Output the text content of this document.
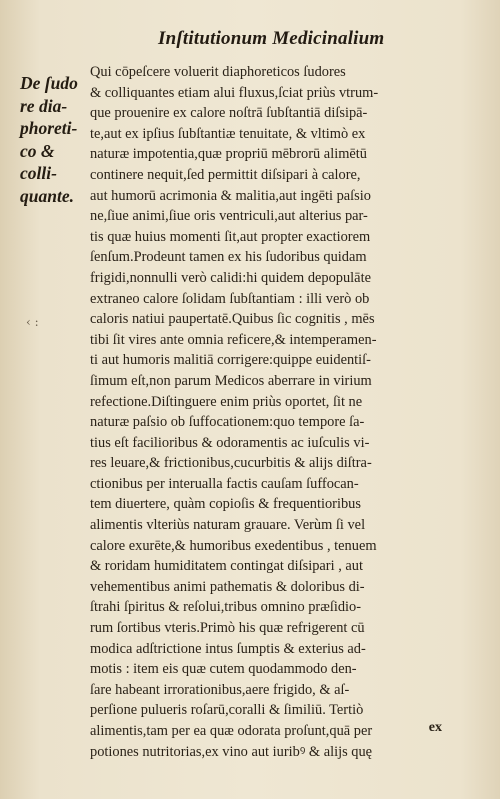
Inſtitutionum Medicinalium
De ſudo
re dia-
phoreti-
co &
colli-
quante.
‹ :
Qui cōpeſcere voluerit diaphoreticos ſudores
& colliquantes etiam alui fluxus,ſciat priùs vtrum-
que prouenire ex calore noſtrā ſubſtantiā diſsipā-
te,aut ex ipſius ſubſtantiæ tenuitate, & vltimò ex
naturæ impotentia,quæ propriū mēbrorū alimētū
continere nequit,ſed permittit diſsipari à calore,
aut humorū acrimonia & malitia,aut ingēti paſsio
ne,ſiue animi,ſiue oris ventriculi,aut alterius par-
tis quæ huius momenti ſit,aut propter exactiorem
ſenſum.Prodeunt tamen ex his ſudoribus quidam
frigidi,nonnulli verò calidi:hi quidem depopulāte
extraneo calore ſolidam ſubſtantiam : illi verò ob
caloris natiui paupertatē.Quibus ſic cognitis , mēs
tibi ſit vires ante omnia reficere,& intemperamen-
ti aut humoris malitiā corrigere:quippe euidentiſ-
ſimum eſt,non parum Medicos aberrare in virium
refectione.Diſtinguere enim priùs oportet, ſit ne
naturæ paſsio ob ſuffocationem:quo tempore ſa-
tius eſt facilioribus & odoramentis ac iuſculis vi-
res leuare,& frictionibus,cucurbitis & alijs diſtra-
ctionibus per interualla factis cauſam ſuffocan-
tem diuertere, quàm copioſis & frequentioribus
alimentis vlteriùs naturam grauare. Verùm ſi vel
calore exurēte,& humoribus exedentibus , tenuem
& roridam humiditatem contingat diſsipari , aut
vehementibus animi pathematis & doloribus di-
ſtrahi ſpiritus & reſolui,tribus omnino præſidio-
rum ſortibus vteris.Primò his quæ refrigerent cū
modica adſtrictione intus ſumptis & exterius ad-
motis : item eis quæ cutem quodammodo den-
ſare habeant irrorationibus,aere frigido, & aſ-
perſione pulueris roſarū,coralli & ſimiliū. Tertiò
alimentis,tam per ea quæ odorata proſunt,quā per
potiones nutritorias,ex vino aut iuribꝰ & alijs quę
ex
